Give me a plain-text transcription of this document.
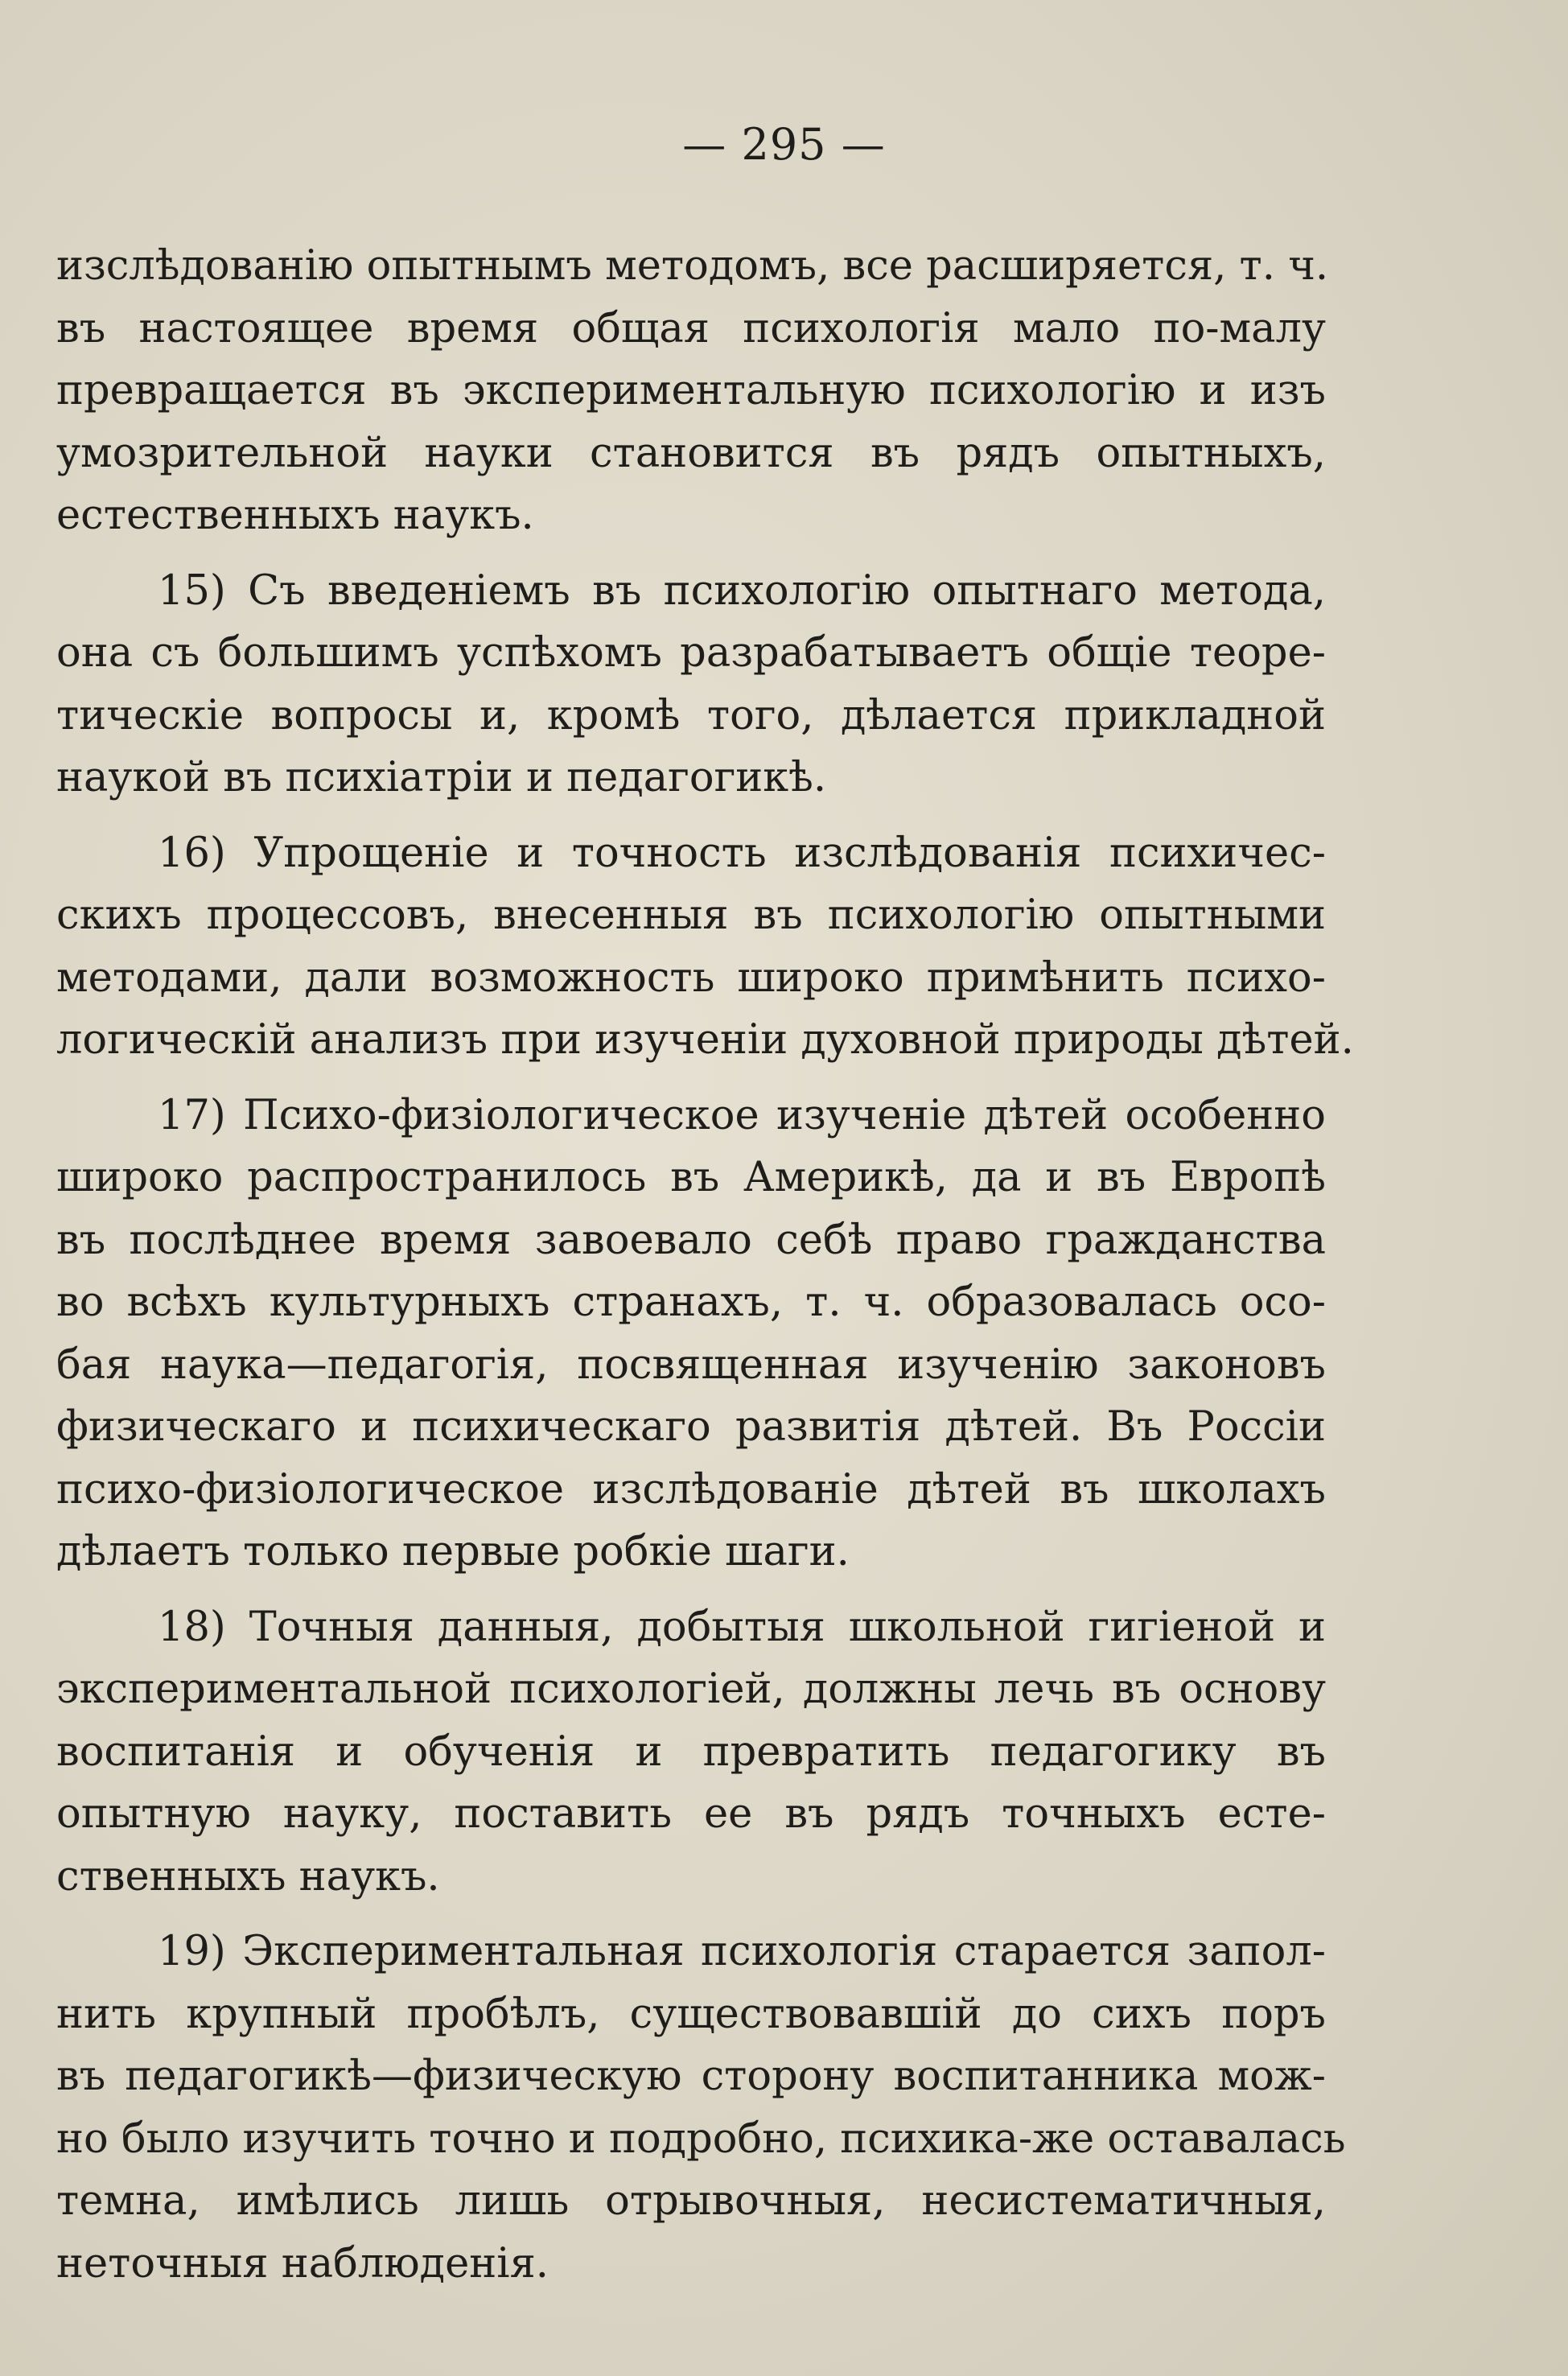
— 295 —
изслѣдованію опытнымъ методомъ, все расширяется, т. ч.
въ настоящее время общая психологія мало по-малу
превращается въ экспериментальную психологію и изъ
умозрительной науки становится въ рядъ опытныхъ,
естественныхъ наукъ.
15) Съ введеніемъ въ психологію опытнаго метода,
она съ большимъ успѣхомъ разрабатываетъ общіе теоре-
тическіе вопросы и, кромѣ того, дѣлается прикладной
наукой въ психіатріи и педагогикѣ.
16) Упрощеніе и точность изслѣдованія психичес-
скихъ процессовъ, внесенныя въ психологію опытными
методами, дали возможность широко примѣнить психо-
логическій анализъ при изученіи духовной природы дѣтей.
17) Психо-физіологическое изученіе дѣтей особенно
широко распространилось въ Америкѣ, да и въ Европѣ
въ послѣднее время завоевало себѣ право гражданства
во всѣхъ культурныхъ странахъ, т. ч. образовалась осо-
бая наука—педагогія, посвященная изученію законовъ
физическаго и психическаго развитія дѣтей. Въ Россіи
психо-физіологическое изслѣдованіе дѣтей въ школахъ
дѣлаетъ только первые робкіе шаги.
18) Точныя данныя, добытыя школьной гигіеной и
экспериментальной психологіей, должны лечь въ основу
воспитанія и обученія и превратить педагогику въ
опытную науку, поставить ее въ рядъ точныхъ есте-
ственныхъ наукъ.
19) Экспериментальная психологія старается запол-
нить крупный пробѣлъ, существовавшій до сихъ поръ
въ педагогикѣ—физическую сторону воспитанника мож-
но было изучить точно и подробно, психика-же оставалась
темна, имѣлись лишь отрывочныя, несистематичныя,
неточныя наблюденія.
